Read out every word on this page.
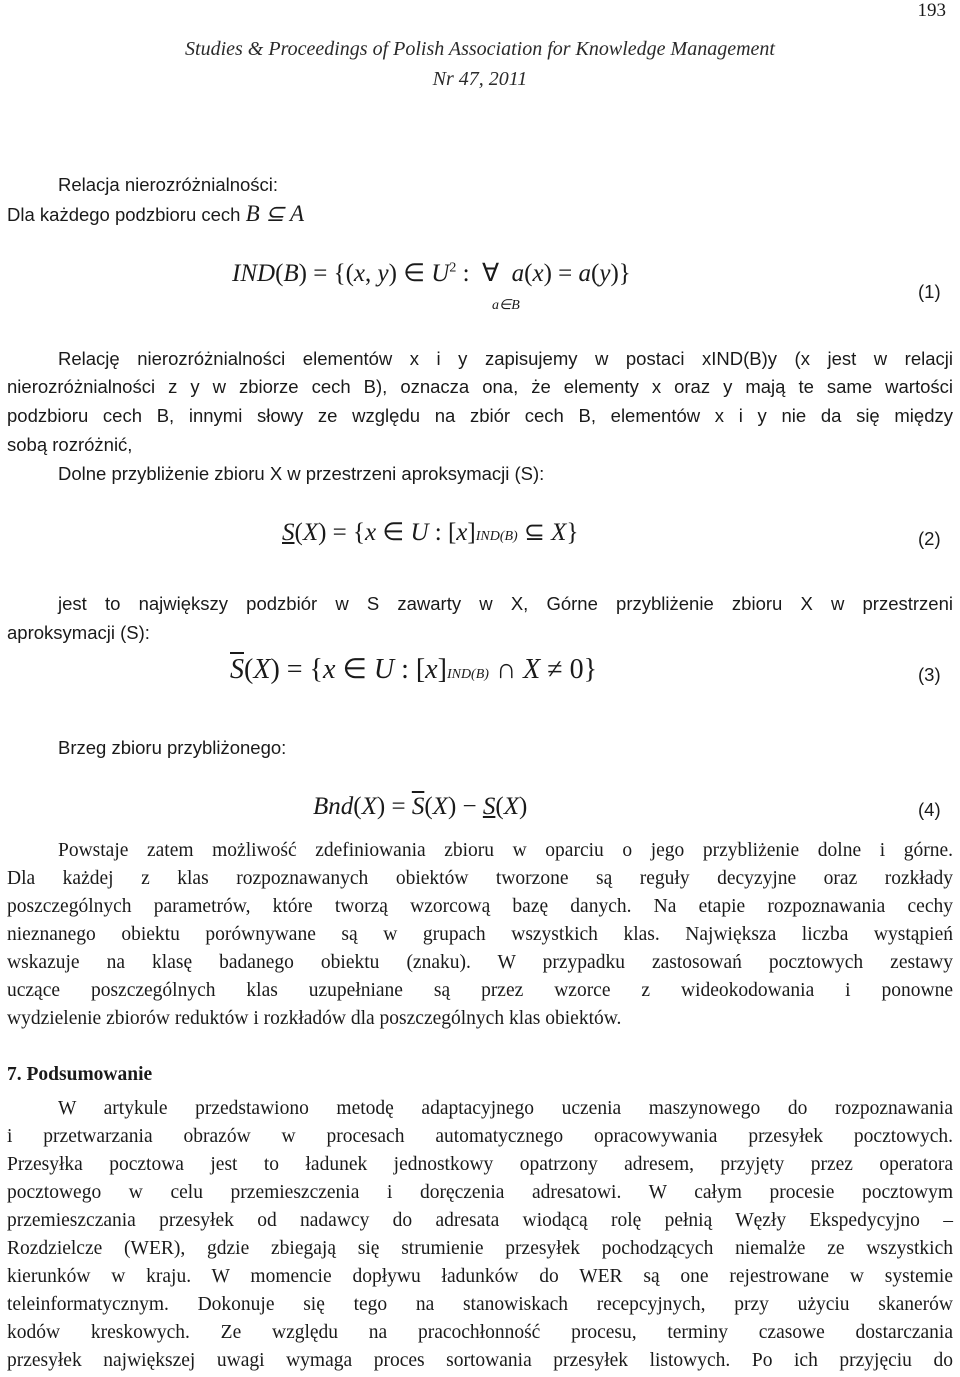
193
Studies & Proceedings of Polish Association for Knowledge Management
Nr 47, 2011
Relacja nierozróżnialności:
Dla każdego podzbioru cech B ⊆ A
IND(B) = {(x, y) ∈ $U^2$ :  ∀  a(x) = a(y)}
a∈B
(1)
Relację nierozróżnialności elementów x i y zapisujemy w postaci xIND(B)y (x jest w relacji
nierozróżnialności z y w zbiorze cech B), oznacza ona, że elementy x oraz y mają te same wartości
podzbioru cech B, innymi słowy ze względu na zbiór cech B, elementów x i y nie da się między
sobą rozróżnić,
Dolne przybliżenie zbioru X w przestrzeni aproksymacji (S):
S(X) = {x ∈ U : [x]IND(B) ⊆ X}	(2)
jest to największy podzbiór w S zawarty w X, Górne przybliżenie zbioru X w przestrzeni
aproksymacji (S):
$\overline{S}(X) = \{x$ ∈ U : [x]IND(B) ∩ X ≠ 0}	(3)
Brzeg zbioru przybliżonego:
$Bnd(X) = \overline{S}(X) - S(X)$	(4)
Powstaje zatem możliwość zdefiniowania zbioru w oparciu o jego przybliżenie dolne i górne.
Dla każdej z klas rozpoznawanych obiektów tworzone są reguły decyzyjne oraz rozkłady
poszczególnych parametrów, które tworzą wzorcową bazę danych. Na etapie rozpoznawania cechy
nieznanego obiektu porównywane są w grupach wszystkich klas. Największa liczba wystąpień
wskazuje na klasę badanego obiektu (znaku). W przypadku zastosowań pocztowych zestawy
uczące poszczególnych klas uzupełniane są przez wzorce z wideokodowania i ponowne
wydzielenie zbiorów reduktów i rozkładów dla poszczególnych klas obiektów.
7. Podsumowanie
W artykule przedstawiono metodę adaptacyjnego uczenia maszynowego do rozpoznawania
i przetwarzania obrazów w procesach automatycznego opracowywania przesyłek pocztowych.
Przesyłka pocztowa jest to ładunek jednostkowy opatrzony adresem, przyjęty przez operatora
pocztowego w celu przemieszczenia i doręczenia adresatowi. W całym procesie pocztowym
przemieszczania przesyłek od nadawcy do adresata wiodącą rolę pełnią Węzły Ekspedycyjno –
Rozdzielcze (WER), gdzie zbiegają się strumienie przesyłek pochodzących niemalże ze wszystkich
kierunków w kraju. W momencie dopływu ładunków do WER są one rejestrowane w systemie
teleinformatycznym. Dokonuje się tego na stanowiskach recepcyjnych, przy użyciu skanerów
kodów kreskowych. Ze względu na pracochłonność procesu, terminy czasowe dostarczania
przesyłek największej uwagi wymaga proces sortowania przesyłek listowych. Po ich przyjęciu do
